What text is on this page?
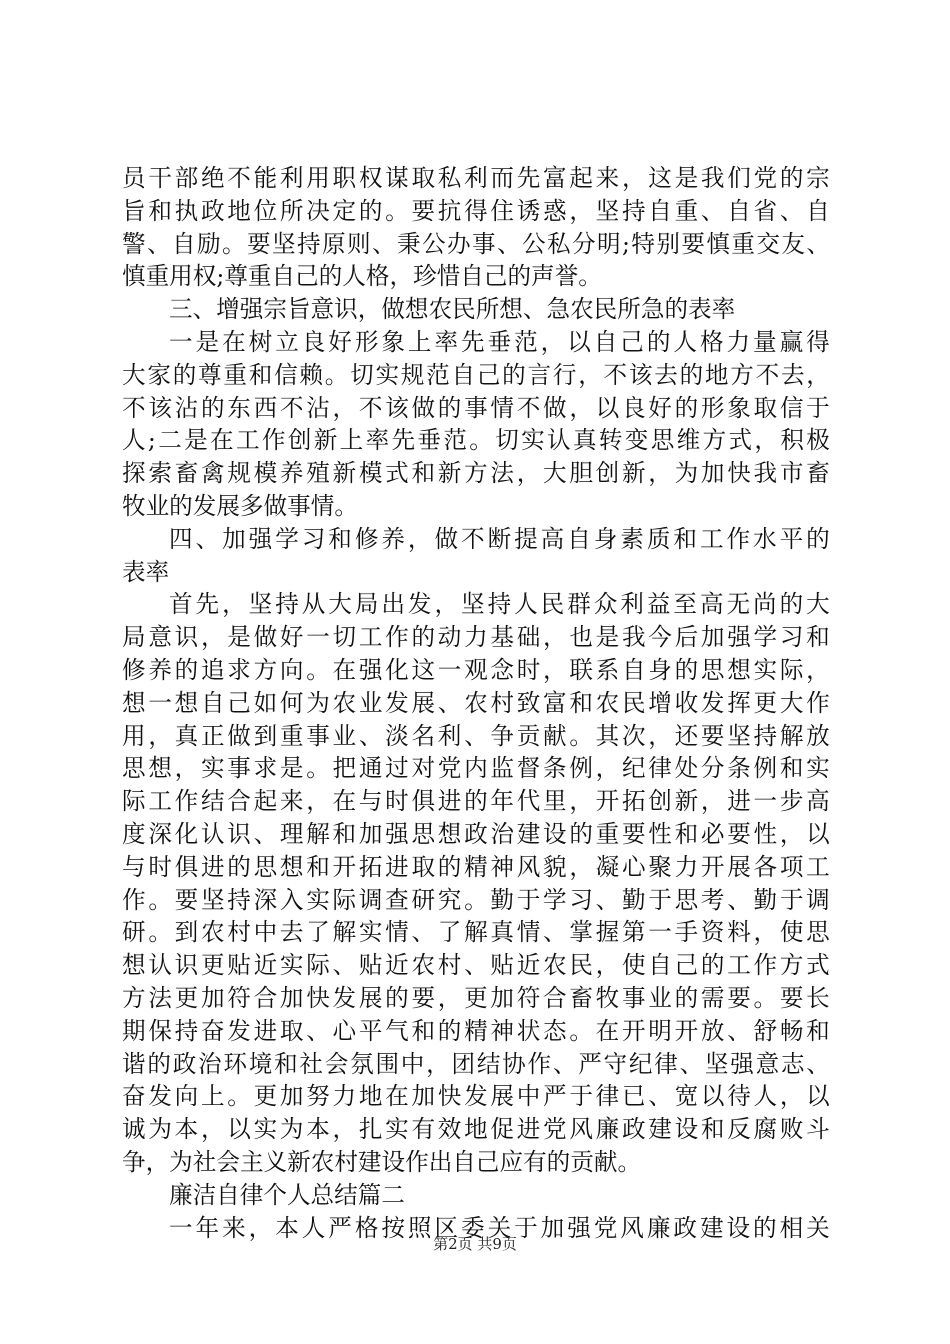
员 干 部 绝 不 能 利 用 职 权 谋 取 私 利 而 先 富 起 来 ， 这 是 我 们 党 的 宗
旨 和 执 政 地 位 所 决 定 的 。 要 抗 得 住 诱 惑 ， 坚 持 自 重 、 自 省 、 自
警 、 自 励 。 要 坚 持 原 则 、 秉 公 办 事 、 公 私 分 明 ; 特 别 要 慎 重 交 友 、
慎重用权;尊重自己的人格，珍惜自己的声誉。
三、增强宗旨意识，做想农民所想、急农民所急的表率
一 是 在 树 立 良 好 形 象 上 率 先 垂 范 ， 以 自 己 的 人 格 力 量 赢 得
大 家 的 尊 重 和 信 赖 。 切 实 规 范 自 己 的 言 行 ， 不 该 去 的 地 方 不 去 ，
不 该 沾 的 东 西 不 沾 ， 不 该 做 的 事 情 不 做 ， 以 良 好 的 形 象 取 信 于
人 ; 二 是 在 工 作 创 新 上 率 先 垂 范 。 切 实 认 真 转 变 思 维 方 式 ， 积 极
探 索 畜 禽 规 模 养 殖 新 模 式 和 新 方 法 ， 大 胆 创 新 ， 为 加 快 我 市 畜
牧业的发展多做事情。
四 、 加 强 学 习 和 修 养 ， 做 不 断 提 高 自 身 素 质 和 工 作 水 平 的
表率
首 先 ， 坚 持 从 大 局 出 发 ， 坚 持 人 民 群 众 利 益 至 高 无 尚 的 大
局 意 识 ， 是 做 好 一 切 工 作 的 动 力 基 础 ， 也 是 我 今 后 加 强 学 习 和
修 养 的 追 求 方 向 。 在 强 化 这 一 观 念 时 ， 联 系 自 身 的 思 想 实 际 ，
想 一 想 自 己 如 何 为 农 业 发 展 、 农 村 致 富 和 农 民 增 收 发 挥 更 大 作
用 ， 真 正 做 到 重 事 业 、 淡 名 利 、 争 贡 献 。 其 次 ， 还 要 坚 持 解 放
思 想 ， 实 事 求 是 。 把 通 过 对 党 内 监 督 条 例 ， 纪 律 处 分 条 例 和 实
际 工 作 结 合 起 来 ， 在 与 时 俱 进 的 年 代 里 ， 开 拓 创 新 ， 进 一 步 高
度 深 化 认 识 、 理 解 和 加 强 思 想 政 治 建 设 的 重 要 性 和 必 要 性 ， 以
与 时 俱 进 的 思 想 和 开 拓 进 取 的 精 神 风 貌 ， 凝 心 聚 力 开 展 各 项 工
作 。 要 坚 持 深 入 实 际 调 查 研 究 。 勤 于 学 习 、 勤 于 思 考 、 勤 于 调
研 。 到 农 村 中 去 了 解 实 情 、 了 解 真 情 、 掌 握 第 一 手 资 料 ， 使 思
想 认 识 更 贴 近 实 际 、 贴 近 农 村 、 贴 近 农 民 ， 使 自 己 的 工 作 方 式
方 法 更 加 符 合 加 快 发 展 的 要 ， 更 加 符 合 畜 牧 事 业 的 需 要 。 要 长
期 保 持 奋 发 进 取 、 心 平 气 和 的 精 神 状 态 。 在 开 明 开 放 、 舒 畅 和
谐 的 政 治 环 境 和 社 会 氛 围 中 ， 团 结 协 作 、 严 守 纪 律 、 坚 强 意 志 、
奋 发 向 上 。 更 加 努 力 地 在 加 快 发 展 中 严 于 律 已 、 宽 以 待 人 ， 以
诚 为 本 ， 以 实 为 本 ， 扎 实 有 效 地 促 进 党 风 廉 政 建 设 和 反 腐 败 斗
争，为社会主义新农村建设作出自己应有的贡献。
廉洁自律个人总结篇二
一 年 来 ， 本 人 严 格 按 照 区 委 关 于 加 强 党 风 廉 政 建 设 的 相 关
第2页 共9页
